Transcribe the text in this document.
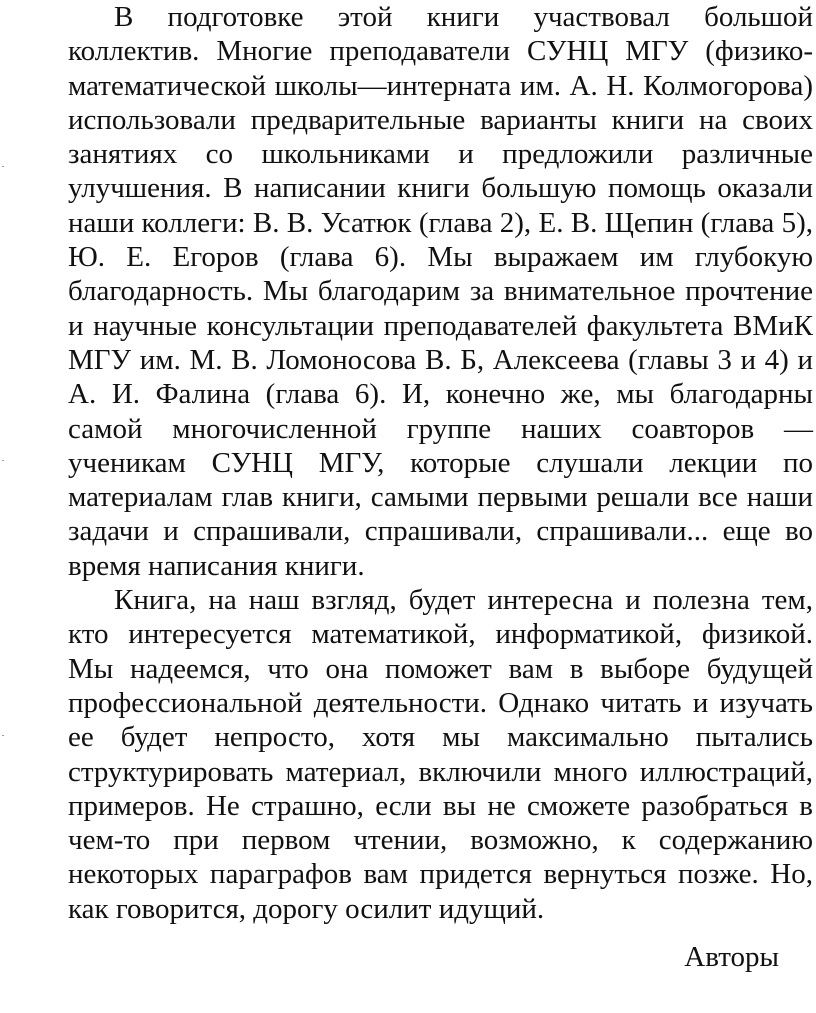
В подготовке этой книги участвовал большой коллектив. Многие преподаватели СУНЦ МГУ (физико-математической школы—интерната им. А. Н. Колмогорова) использовали предварительные варианты книги на своих занятиях со школьниками и предложили различные улучшения. В написании книги большую помощь оказали наши коллеги: В. В. Усатюк (глава 2), Е. В. Щепин (глава 5), Ю. Е. Егоров (глава 6). Мы выражаем им глубокую благодарность. Мы благодарим за внимательное прочтение и научные консультации преподавателей факультета ВМиК МГУ им. М. В. Ломоносова В. Б, Алексеева (главы 3 и 4) и А. И. Фалина (глава 6). И, конечно же, мы благодарны самой многочисленной группе наших соавторов — ученикам СУНЦ МГУ, которые слушали лекции по материалам глав книги, самыми первыми решали все наши задачи и спрашивали, спрашивали, спрашивали... еще во время написания книги.

Книга, на наш взгляд, будет интересна и полезна тем, кто интересуется математикой, информатикой, физикой. Мы надеемся, что она поможет вам в выборе будущей профессиональной деятельности. Однако читать и изучать ее будет непросто, хотя мы максимально пытались структурировать материал, включили много иллюстраций, примеров. Не страшно, если вы не сможете разобраться в чем-то при первом чтении, возможно, к содержанию некоторых параграфов вам придется вернуться позже. Но, как говорится, дорогу осилит идущий.

Авторы
